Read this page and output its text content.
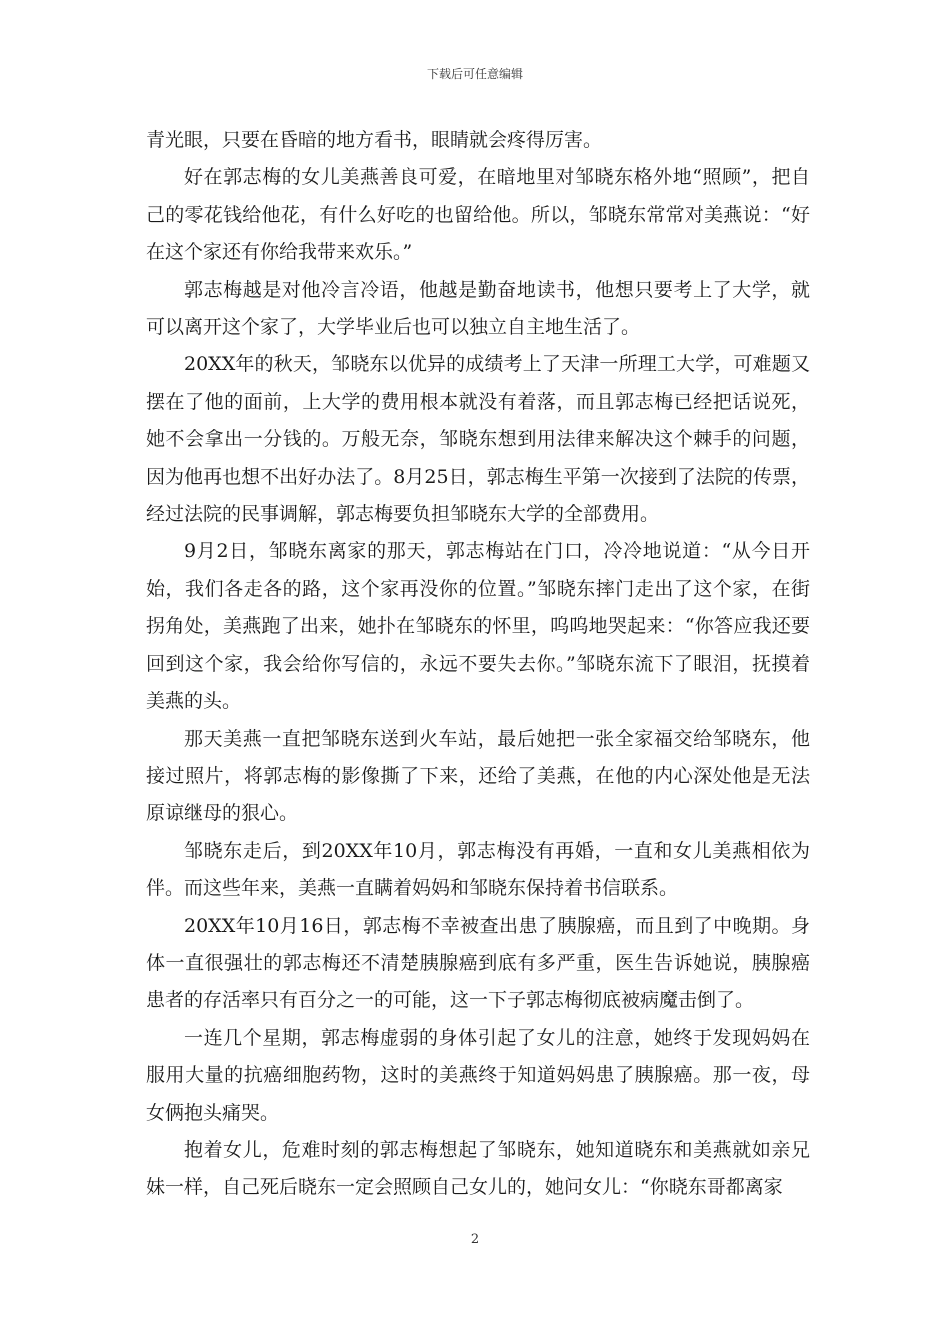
下载后可任意编辑

青光眼，只要在昏暗的地方看书，眼睛就会疼得厉害。

好在郭志梅的女儿美燕善良可爱，在暗地里对邹晓东格外地“照顾”，把自己的零花钱给他花，有什么好吃的也留给他。所以，邹晓东常常对美燕说：“好在这个家还有你给我带来欢乐。”

郭志梅越是对他冷言冷语，他越是勤奋地读书，他想只要考上了大学，就可以离开这个家了，大学毕业后也可以独立自主地生活了。

20XX年的秋天，邹晓东以优异的成绩考上了天津一所理工大学，可难题又摆在了他的面前，上大学的费用根本就没有着落，而且郭志梅已经把话说死，她不会拿出一分钱的。万般无奈，邹晓东想到用法律来解决这个棘手的问题，因为他再也想不出好办法了。8月25日，郭志梅生平第一次接到了法院的传票，经过法院的民事调解，郭志梅要负担邹晓东大学的全部费用。

9月2日，邹晓东离家的那天，郭志梅站在门口，冷冷地说道：“从今日开始，我们各走各的路，这个家再没你的位置。”邹晓东摔门走出了这个家，在街拐角处，美燕跑了出来，她扑在邹晓东的怀里，呜呜地哭起来：“你答应我还要回到这个家，我会给你写信的，永远不要失去你。”邹晓东流下了眼泪，抚摸着美燕的头。

那天美燕一直把邹晓东送到火车站，最后她把一张全家福交给邹晓东，他接过照片，将郭志梅的影像撕了下来，还给了美燕，在他的内心深处他是无法原谅继母的狠心。

邹晓东走后，到20XX年10月，郭志梅没有再婚，一直和女儿美燕相依为伴。而这些年来，美燕一直瞒着妈妈和邹晓东保持着书信联系。

20XX年10月16日，郭志梅不幸被查出患了胰腺癌，而且到了中晚期。身体一直很强壮的郭志梅还不清楚胰腺癌到底有多严重，医生告诉她说，胰腺癌患者的存活率只有百分之一的可能，这一下子郭志梅彻底被病魔击倒了。

一连几个星期，郭志梅虚弱的身体引起了女儿的注意，她终于发现妈妈在服用大量的抗癌细胞药物，这时的美燕终于知道妈妈患了胰腺癌。那一夜，母女俩抱头痛哭。

抱着女儿，危难时刻的郭志梅想起了邹晓东，她知道晓东和美燕就如亲兄妹一样，自己死后晓东一定会照顾自己女儿的，她问女儿：“你晓东哥都离家

2
